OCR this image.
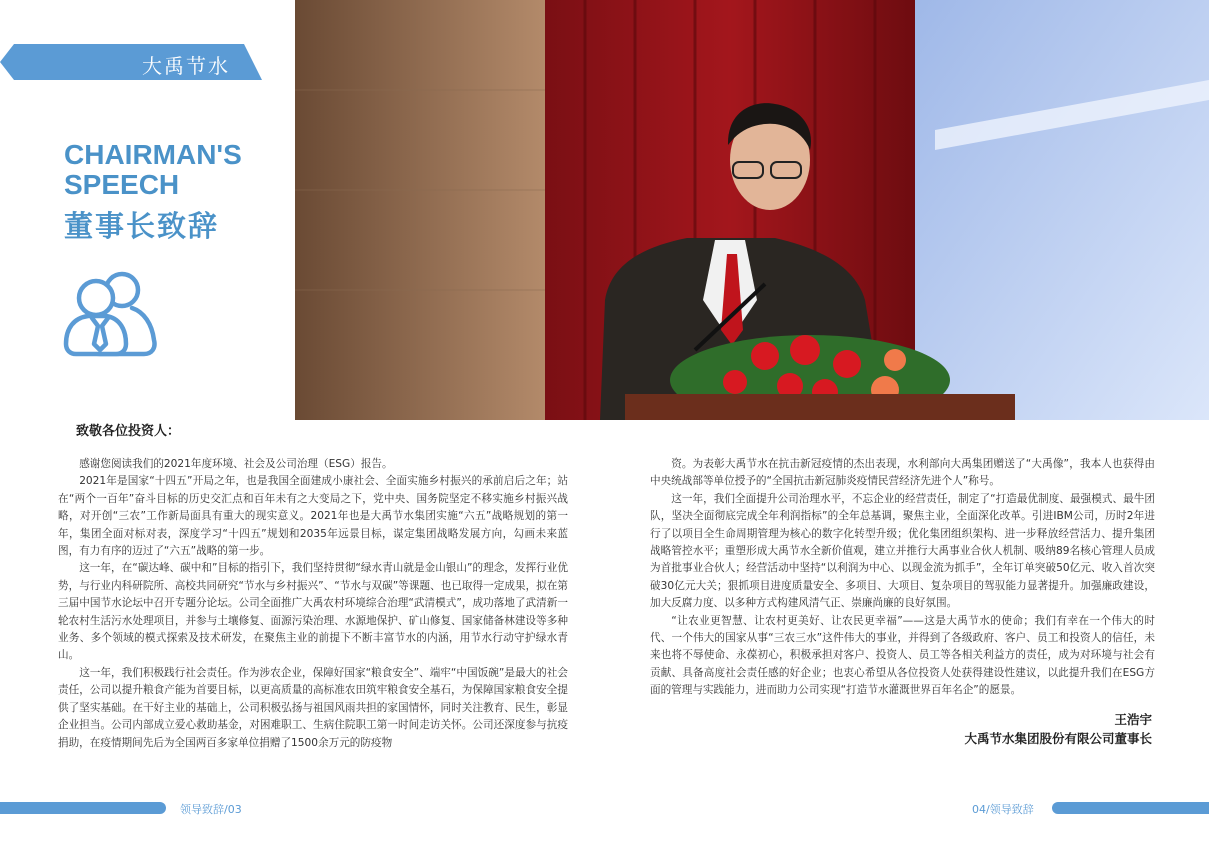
大禹节水
CHAIRMAN'S
SPEECH
董事长致辞
致敬各位投资人：

感谢您阅读我们的2021年度环境、社会及公司治理（ESG）报告。

2021年是国家“十四五”开局之年，也是我国全面建成小康社会、全面实施乡村振兴的承前启后之年；站在“两个一百年”奋斗目标的历史交汇点和百年未有之大变局之下，党中央、国务院坚定不移实施乡村振兴战略，对开创“三农”工作新局面具有重大的现实意义。2021年也是大禹节水集团实施“六五”战略规划的第一年，集团全面对标对表，深度学习“十四五”规划和2035年远景目标，谋定集团战略发展方向，勾画未来蓝图，有力有序的迈过了“六五”战略的第一步。

这一年，在“碳达峰、碳中和”目标的指引下，我们坚持贯彻“绿水青山就是金山银山”的理念，发挥行业优势，与行业内科研院所、高校共同研究“节水与乡村振兴”、“节水与双碳”等课题、也已取得一定成果，拟在第三届中国节水论坛中召开专题分论坛。公司全面推广大禹农村环境综合治理“武清模式”，成功落地了武清新一轮农村生活污水处理项目，并参与土壤修复、面源污染治理、水源地保护、矿山修复、国家储备林建设等多种业务、多个领域的模式探索及技术研发，在聚焦主业的前提下不断丰富节水的内涵，用节水行动守护绿水青山。

这一年，我们积极践行社会责任。作为涉农企业，保障好国家“粮食安全”、端牢“中国饭碗”是最大的社会责任，公司以提升粮食产能为首要目标，以更高质量的高标准农田筑牢粮食安全基石，为保障国家粮食安全提供了坚实基础。在干好主业的基础上，公司积极弘扬与祖国风雨共担的家国情怀，同时关注教育、民生，彰显企业担当。公司内部成立爱心救助基金，对困难职工、生病住院职工第一时间走访关怀。公司还深度参与抗疫捐助，在疫情期间先后为全国两百多家单位捐赠了1500余万元的防疫物

资。为表彰大禹节水在抗击新冠疫情的杰出表现，水利部向大禹集团赠送了“大禹像”，我本人也获得由中央统战部等单位授予的“全国抗击新冠肺炎疫情民营经济先进个人”称号。

这一年，我们全面提升公司治理水平，不忘企业的经营责任，制定了“打造最优制度、最强模式、最牛团队，坚决全面彻底完成全年利润指标”的全年总基调，聚焦主业，全面深化改革。引进IBM公司，历时2年进行了以项目全生命周期管理为核心的数字化转型升级；优化集团组织架构、进一步释放经营活力、提升集团战略管控水平；重塑形成大禹节水全新价值观，建立并推行大禹事业合伙人机制、吸纳89名核心管理人员成为首批事业合伙人；经营活动中坚持“以利润为中心、以现金流为抓手”，全年订单突破50亿元、收入首次突破30亿元大关；狠抓项目进度质量安全、多项目、大项目、复杂项目的驾驭能力显著提升。加强廉政建设，加大反腐力度、以多种方式构建风清气正、崇廉尚廉的良好氛围。

“让农业更智慧、让农村更美好、让农民更幸福”——这是大禹节水的使命；我们有幸在一个伟大的时代、一个伟大的国家从事“三农三水”这件伟大的事业，并得到了各级政府、客户、员工和投资人的信任，未来也将不辱使命、永葆初心，积极承担对客户、投资人、员工等各相关利益方的责任，成为对环境与社会有贡献、具备高度社会责任感的好企业；也衷心希望从各位投资人处获得建设性建议，以此提升我们在ESG方面的管理与实践能力，进而助力公司实现“打造节水灌溉世界百年名企”的愿景。

王浩宇
大禹节水集团股份有限公司董事长
领导致辞/03	04/领导致辞
